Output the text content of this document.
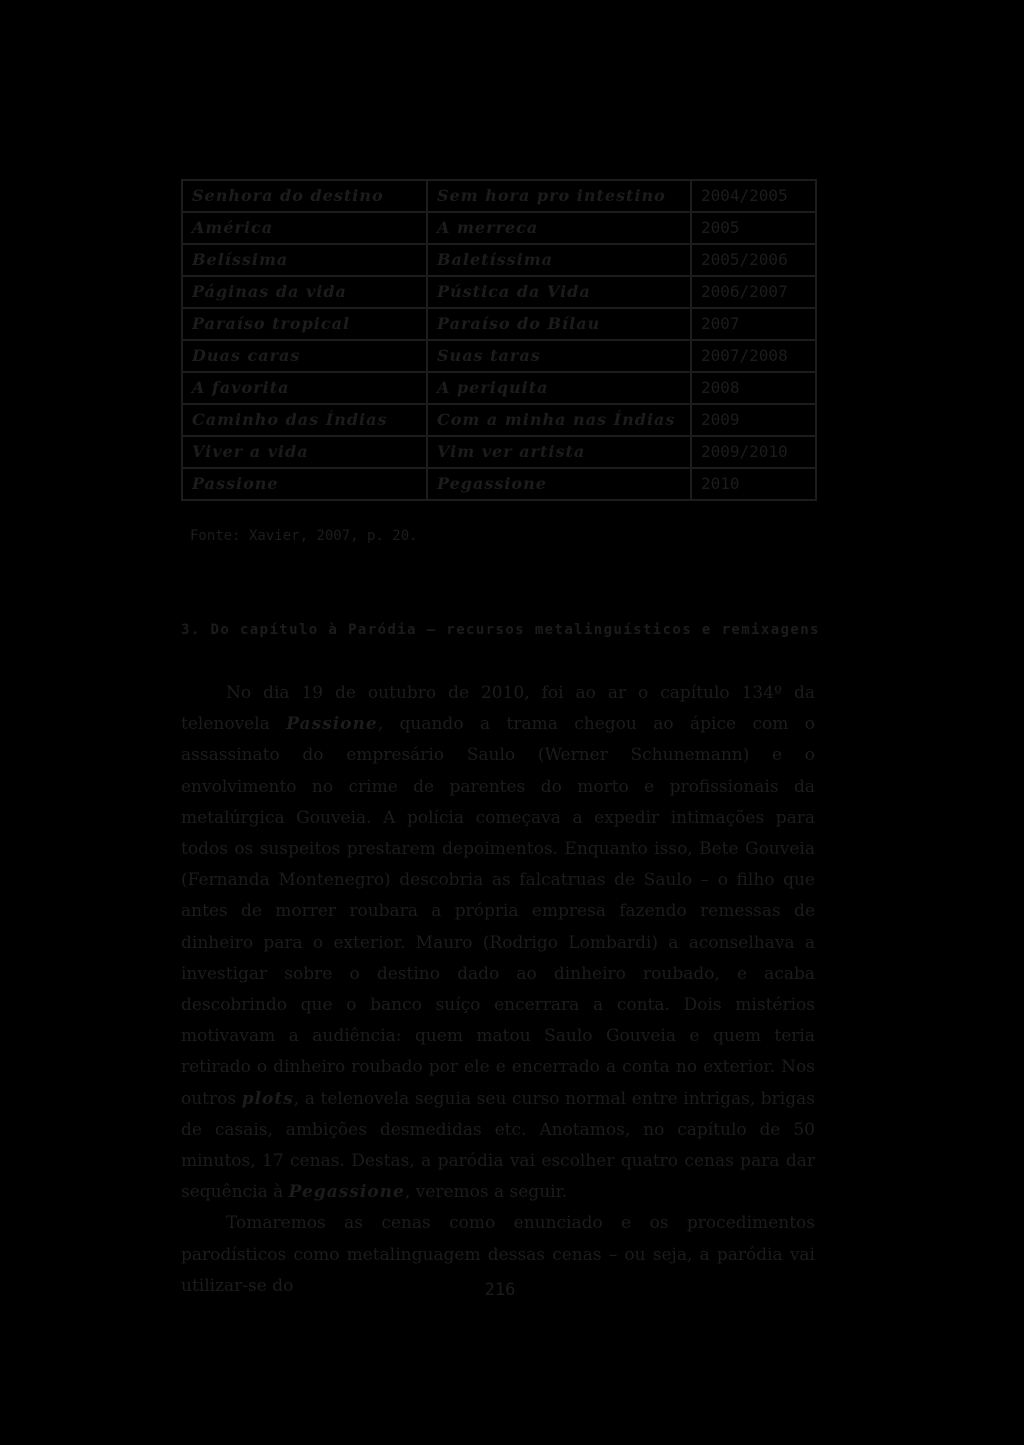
Senhora do destino	Sem hora pro intestino	2004/2005
América	A merreca	2005
Belíssima	Baletíssima	2005/2006
Páginas da vida	Pústica da Vida	2006/2007
Paraíso tropical	Paraíso do Bílau	2007
Duas caras	Suas taras	2007/2008
A favorita	A periquita	2008
Caminho das Índias	Com a minha nas Índias	2009
Viver a vida	Vim ver artista	2009/2010
Passione	Pegassione	2010
Fonte: Xavier, 2007, p. 20.
3. Do capítulo à Paródia – recursos metalinguísticos e remixagens

No dia 19 de outubro de 2010, foi ao ar o capítulo 134º da telenovela Passione, quando a trama chegou ao ápice com o assassinato do empresário Saulo (Werner Schunemann) e o envolvimento no crime de parentes do morto e profissionais da metalúrgica Gouveia. A polícia começava a expedir intimações para todos os suspeitos prestarem depoimentos. Enquanto isso, Bete Gouveia (Fernanda Montenegro) descobria as falcatruas de Saulo – o filho que antes de morrer roubara a própria empresa fazendo remessas de dinheiro para o exterior. Mauro (Rodrigo Lombardi) a aconselhava a investigar sobre o destino dado ao dinheiro roubado, e acaba descobrindo que o banco suíço encerrara a conta. Dois mistérios motivavam a audiência: quem matou Saulo Gouveia e quem teria retirado o dinheiro roubado por ele e encerrado a conta no exterior. Nos outros plots, a telenovela seguia seu curso normal entre intrigas, brigas de casais, ambições desmedidas etc. Anotamos, no capítulo de 50 minutos, 17 cenas. Destas, a paródia vai escolher quatro cenas para dar sequência à Pegassione, veremos a seguir.

Tomaremos as cenas como enunciado e os procedimentos parodísticos como metalinguagem dessas cenas – ou seja, a paródia vai utilizar-se do	216
